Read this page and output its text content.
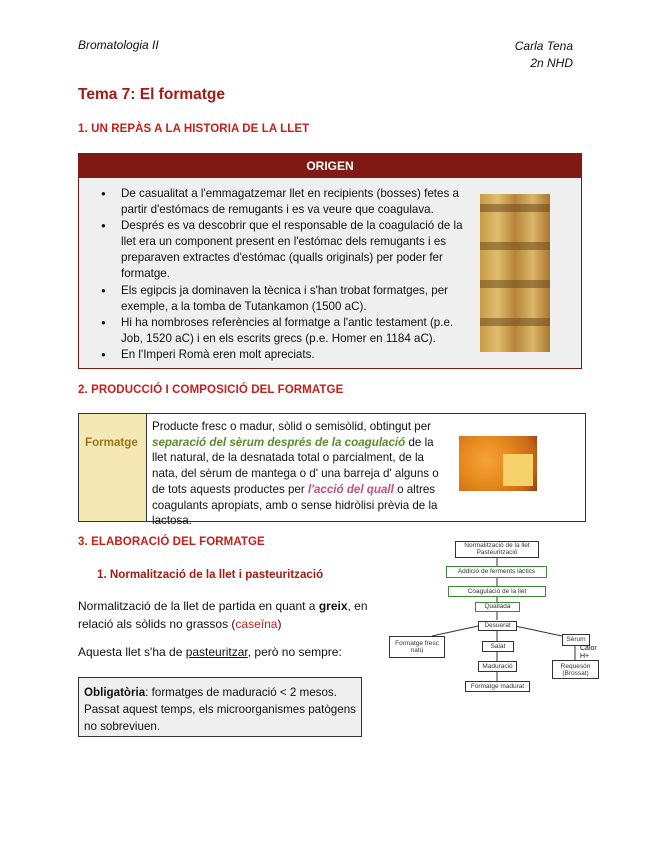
Bromatologia II	Carla Tena
2n NHD
Tema 7: El formatge
1. UN REPÀS A LA HISTORIA DE LA LLET
ORIGEN
● De casualitat a l'emmagatzemar llet en recipients (bosses) fetes a partir d'estómacs de remugants i es va veure que coagulava.
● Després es va descobrir que el responsable de la coagulació de la llet era un component present en l'estómac dels remugants i es preparaven extractes d'estómac (qualls originals) per poder fer formatge.
● Els egipcis ja dominaven la tècnica i s'han trobat formatges, per exemple, a la tomba de Tutankamon (1500 aC).
● Hi ha nombroses referències al formatge a l'antic testament (p.e. Job, 1520 aC) i en els escrits grecs (p.e. Homer en 1184 aC).
● En l'Imperi Romà eren molt apreciats.
2. PRODUCCIÓ I COMPOSICIÓ DEL FORMATGE
Formatge
Producte fresc o madur, sòlid o semisòlid, obtingut per separació del sèrum després de la coagulació de la llet natural, de la desnatada total o parcialment, de la nata, del sèrum de mantega o d' una barreja d' alguns o de tots aquests productes per l'acció del quall o altres coagulants apropiats, amb o sense hidròlisi prèvia de la lactosa.
3. ELABORACIÓ DEL FORMATGE
1. Normalització de la llet i pasteurització
Normalització de la llet de partida en quant a greix, en relació als sòlids no grassos (caseïna)
Aquesta llet s'ha de pasteuritzar, però no sempre:

Obligatòria: formatges de maduració < 2 mesos. Passat aquest temps, els microorganismes patògens no sobreviuen.

Normalització de la llet
Pasteurització
Addició de ferments làctics
Coagulació de la llet
Quallada
Desuerat
Salat
Maduració
Formatge madurat
Formatge fresc
natú
Sèrum
Calor
H+
Requesón
(Brossat)
